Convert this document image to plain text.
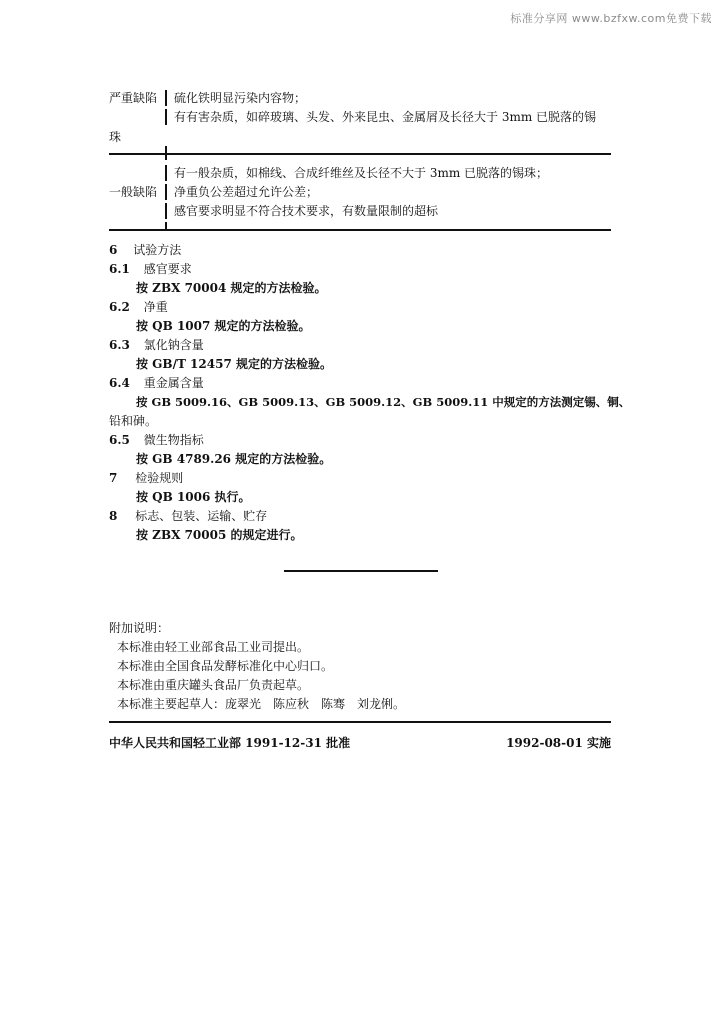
标准分享网 www.bzfxw.com免费下载
严重缺陷 硫化铁明显污染内容物；
有有害杂质，如碎玻璃、头发、外来昆虫、金属屑及长径大于 3mm 已脱落的锡
珠
有一般杂质，如棉线、合成纤维丝及长径不大于 3mm 已脱落的锡珠；
一般缺陷 净重负公差超过允许公差；
感官要求明显不符合技术要求，有数量限制的超标
6 试验方法
6.1 感官要求
按 ZBX 70004 规定的方法检验。
6.2 净重
按 QB 1007 规定的方法检验。
6.3 氯化钠含量
按 GB/T 12457 规定的方法检验。
6.4 重金属含量
按 GB 5009.16、GB 5009.13、GB 5009.12、GB 5009.11 中规定的方法测定锡、铜、
铅和砷。
6.5 微生物指标
按 GB 4789.26 规定的方法检验。
7 检验规则
按 QB 1006 执行。
8 标志、包装、运输、贮存
按 ZBX 70005 的规定进行。
附加说明：
本标准由轻工业部食品工业司提出。
本标准由全国食品发酵标准化中心归口。
本标准由重庆罐头食品厂负责起草。
本标准主要起草人：庞翠光　陈应秋　陈骞　刘龙俐。
中华人民共和国轻工业部 1991-12-31 批准	1992-08-01 实施
